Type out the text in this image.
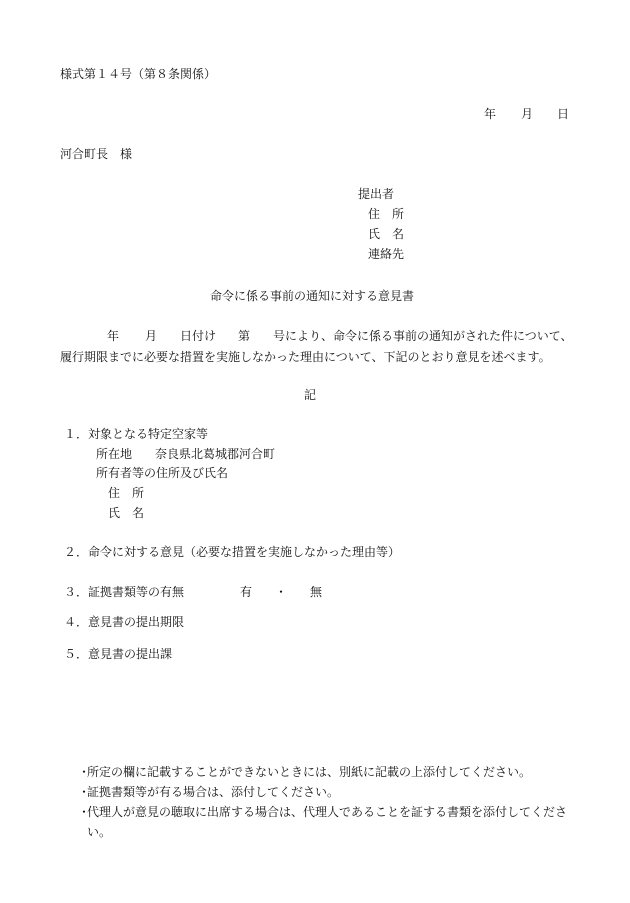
様式第１４号（第８条関係）
年 月 日
河合町長　様
提出者
住　所
氏　名
連絡先
命令に係る事前の通知に対する意見書
年 月 日付け 第 号により、命令に係る事前の通知がされた件について、
履行期限までに必要な措置を実施しなかった理由について、下記のとおり意見を述べます。
記
１．対象となる特定空家等
所在地 奈良県北葛城郡河合町
所有者等の住所及び氏名
住　所
氏　名
２．命令に対する意見（必要な措置を実施しなかった理由等）
３．証拠書類等の有無	有 ・ 無
４．意見書の提出期限
５．意見書の提出課
・
所定の欄に記載することができないときには、別紙に記載の上添付してください。
・
証拠書類等が有る場合は、添付してください。
・
代理人が意見の聴取に出席する場合は、代理人であることを証する書類を添付してくださ
い。
